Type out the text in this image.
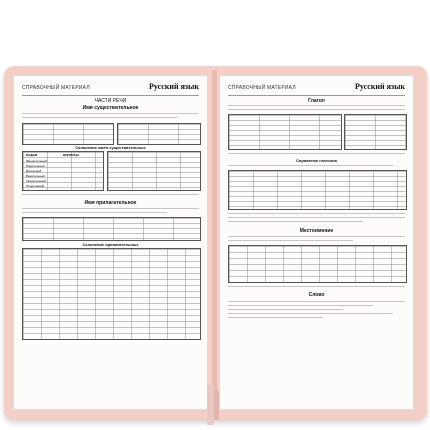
СПРАВОЧНЫЙ МАТЕРИАЛ	Русский язык
ЧАСТИ РЕЧИ
Имя существительное
Склонение имён существительных
ПАДЕЖ	ВОПРОСЫ
Именительный
Родительный
Дательный
Винительный
Творительный
Предложный
Имя прилагательное
Склонение прилагательных
СПРАВОЧНЫЙ МАТЕРИАЛ	Русский язык
Глагол
Спряжение глаголов
Местоимение
Слово
